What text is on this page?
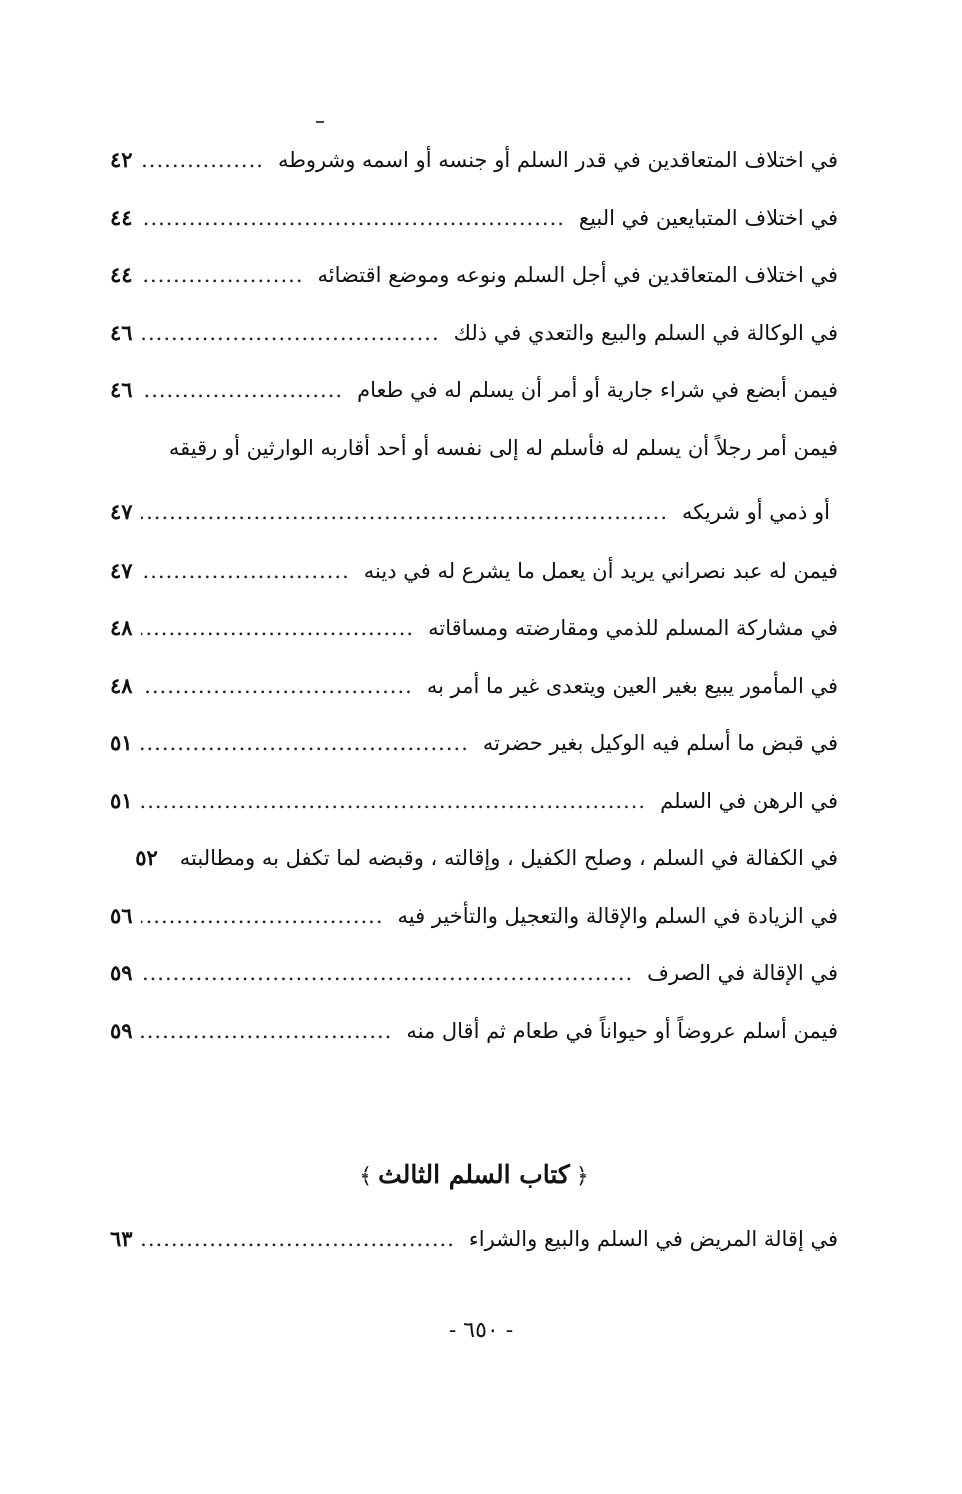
في اختلاف المتعاقدين في قدر السلم أو جنسه أو اسمه وشروطه
.....
٤٢
في اختلاف المتبايعين في البيع
.....
٤٤
في اختلاف المتعاقدين في أجل السلم ونوعه وموضع اقتضائه
.....
٤٤
في الوكالة في السلم والبيع والتعدي في ذلك
.....
٤٦
فيمن أبضع في شراء جارية أو أمر أن يسلم له في طعام
.....
٤٦
فيمن أمر رجلاً أن يسلم له فأسلم له إلى نفسه أو أحد أقاربه الوارثين أو رقيقه
أو ذمي أو شريكه
.....
٤٧
فيمن له عبد نصراني يريد أن يعمل ما يشرع له في دينه
.....
٤٧
في مشاركة المسلم للذمي ومقارضته ومساقاته
.....
٤٨
في المأمور يبيع بغير العين ويتعدى غير ما أمر به
.....
٤٨
في قبض ما أسلم فيه الوكيل بغير حضرته
.....
٥١
في الرهن في السلم
.....
٥١
في الكفالة في السلم ، وصلح الكفيل ، وإقالته ، وقبضه لما تكفل به ومطالبته
٥٢
في الزيادة في السلم والإقالة والتعجيل والتأخير فيه
.....
٥٦
في الإقالة في الصرف
.....
٥٩
فيمن أسلم عروضاً أو حيواناً في طعام ثم أقال منه
.....
٥٩
﴿كتاب السلم الثالث﴾
في إقالة المريض في السلم والبيع والشراء
.....
٦٣
- ٦٥٠ -
